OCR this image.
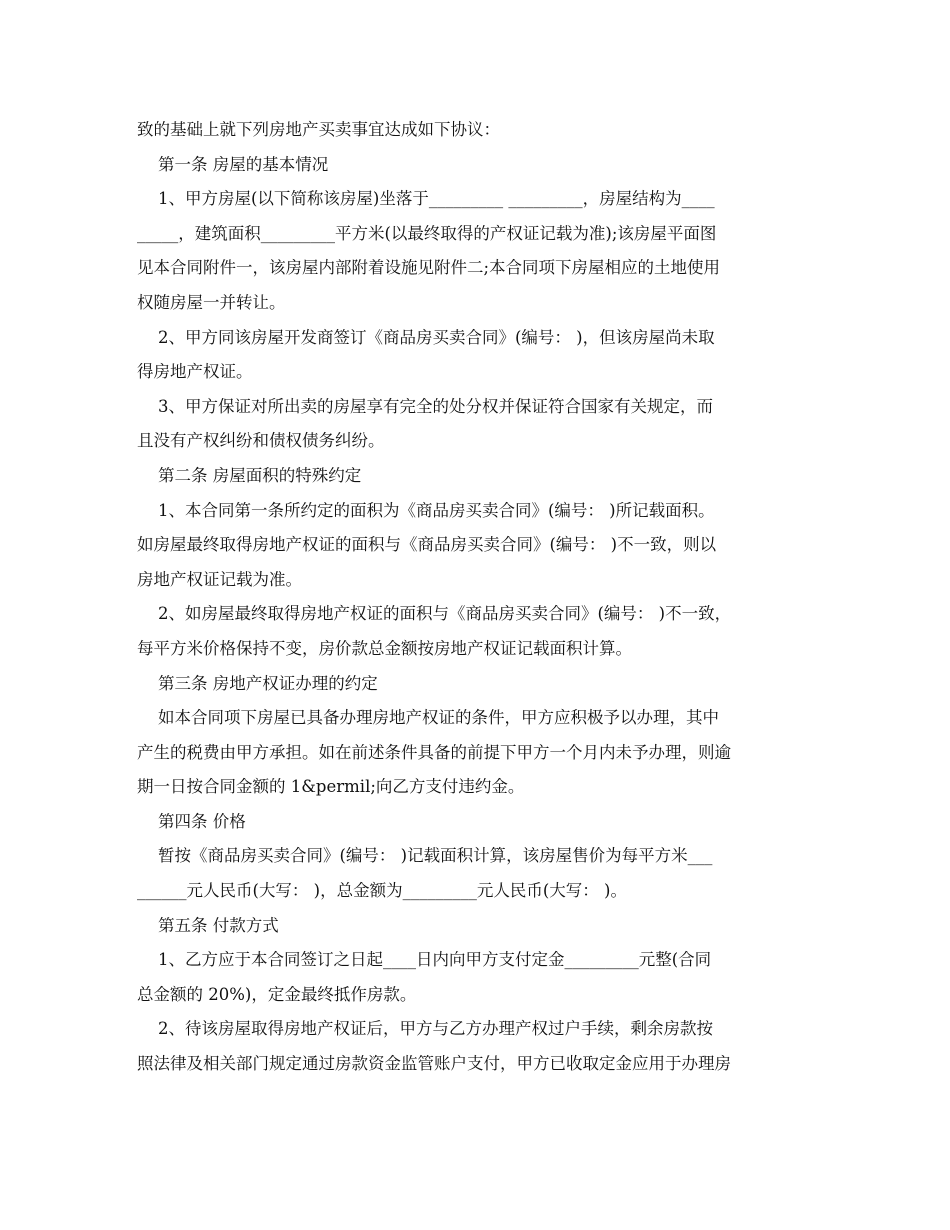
致的基础上就下列房地产买卖事宜达成如下协议：
第一条 房屋的基本情况
1、甲方房屋(以下简称该房屋)坐落于_________ _________，房屋结构为____
_____，建筑面积_________平方米(以最终取得的产权证记载为准);该房屋平面图
见本合同附件一，该房屋内部附着设施见附件二;本合同项下房屋相应的土地使用
权随房屋一并转让。
2、甲方同该房屋开发商签订《商品房买卖合同》(编号： )，但该房屋尚未取
得房地产权证。
3、甲方保证对所出卖的房屋享有完全的处分权并保证符合国家有关规定，而
且没有产权纠纷和债权债务纠纷。
第二条 房屋面积的特殊约定
1、本合同第一条所约定的面积为《商品房买卖合同》(编号： )所记载面积。
如房屋最终取得房地产权证的面积与《商品房买卖合同》(编号： )不一致，则以
房地产权证记载为准。
2、如房屋最终取得房地产权证的面积与《商品房买卖合同》(编号： )不一致，
每平方米价格保持不变，房价款总金额按房地产权证记载面积计算。
第三条 房地产权证办理的约定
如本合同项下房屋已具备办理房地产权证的条件，甲方应积极予以办理，其中
产生的税费由甲方承担。如在前述条件具备的前提下甲方一个月内未予办理，则逾
期一日按合同金额的 1&permil;向乙方支付违约金。
第四条 价格
暂按《商品房买卖合同》(编号： )记载面积计算，该房屋售价为每平方米___
______元人民币(大写： )，总金额为_________元人民币(大写： )。
第五条 付款方式
1、乙方应于本合同签订之日起____日内向甲方支付定金_________元整(合同
总金额的 20%)，定金最终抵作房款。
2、待该房屋取得房地产权证后，甲方与乙方办理产权过户手续，剩余房款按
照法律及相关部门规定通过房款资金监管账户支付，甲方已收取定金应用于办理房
